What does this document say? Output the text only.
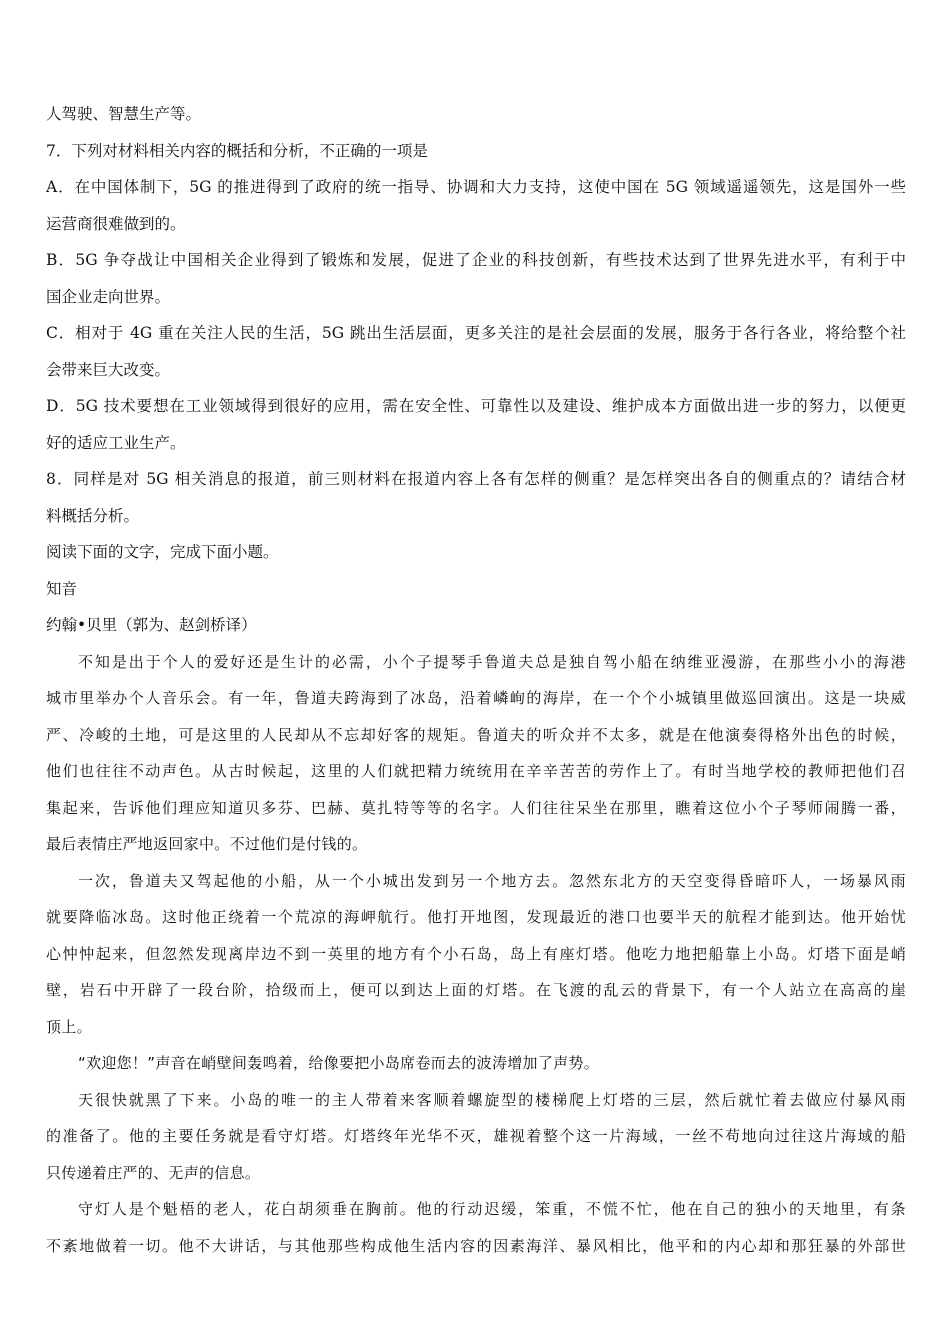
人驾驶、智慧生产等。
7．下列对材料相关内容的概括和分析，不正确的一项是
A．在中国体制下，5G 的推进得到了政府的统一指导、协调和大力支持，这使中国在 5G 领域遥遥领先，这是国外一些
运营商很难做到的。
B．5G 争夺战让中国相关企业得到了锻炼和发展，促进了企业的科技创新，有些技术达到了世界先进水平，有利于中
国企业走向世界。
C．相对于 4G 重在关注人民的生活，5G 跳出生活层面，更多关注的是社会层面的发展，服务于各行各业，将给整个社
会带来巨大改变。
D．5G 技术要想在工业领域得到很好的应用，需在安全性、可靠性以及建设、维护成本方面做出进一步的努力，以便更
好的适应工业生产。
8．同样是对 5G 相关消息的报道，前三则材料在报道内容上各有怎样的侧重？是怎样突出各自的侧重点的？请结合材
料概括分析。
阅读下面的文字，完成下面小题。
知音
约翰•贝里（郭为、赵剑桥译）
不知是出于个人的爱好还是生计的必需，小个子提琴手鲁道夫总是独自驾小船在纳维亚漫游，在那些小小的海港
城市里举办个人音乐会。有一年，鲁道夫跨海到了冰岛，沿着嶙峋的海岸，在一个个小城镇里做巡回演出。这是一块威
严、冷峻的土地，可是这里的人民却从不忘却好客的规矩。鲁道夫的听众并不太多，就是在他演奏得格外出色的时候，
他们也往往不动声色。从古时候起，这里的人们就把精力统统用在辛辛苦苦的劳作上了。有时当地学校的教师把他们召
集起来，告诉他们理应知道贝多芬、巴赫、莫扎特等等的名字。人们往往呆坐在那里，瞧着这位小个子琴师闹腾一番，
最后表情庄严地返回家中。不过他们是付钱的。
一次，鲁道夫又驾起他的小船，从一个小城出发到另一个地方去。忽然东北方的天空变得昏暗吓人，一场暴风雨
就要降临冰岛。这时他正绕着一个荒凉的海岬航行。他打开地图，发现最近的港口也要半天的航程才能到达。他开始忧
心忡忡起来，但忽然发现离岸边不到一英里的地方有个小石岛，岛上有座灯塔。他吃力地把船靠上小岛。灯塔下面是峭
壁，岩石中开辟了一段台阶，拾级而上，便可以到达上面的灯塔。在飞渡的乱云的背景下，有一个人站立在高高的崖
顶上。
“欢迎您！”声音在峭壁间轰鸣着，给像要把小岛席卷而去的波涛增加了声势。
天很快就黑了下来。小岛的唯一的主人带着来客顺着螺旋型的楼梯爬上灯塔的三层，然后就忙着去做应付暴风雨
的准备了。他的主要任务就是看守灯塔。灯塔终年光华不灭，雄视着整个这一片海域，一丝不苟地向过往这片海域的船
只传递着庄严的、无声的信息。
守灯人是个魁梧的老人，花白胡须垂在胸前。他的行动迟缓，笨重，不慌不忙，他在自己的独小的天地里，有条
不紊地做着一切。他不大讲话，与其他那些构成他生活内容的因素海洋、暴风相比，他平和的内心却和那狂暴的外部世
